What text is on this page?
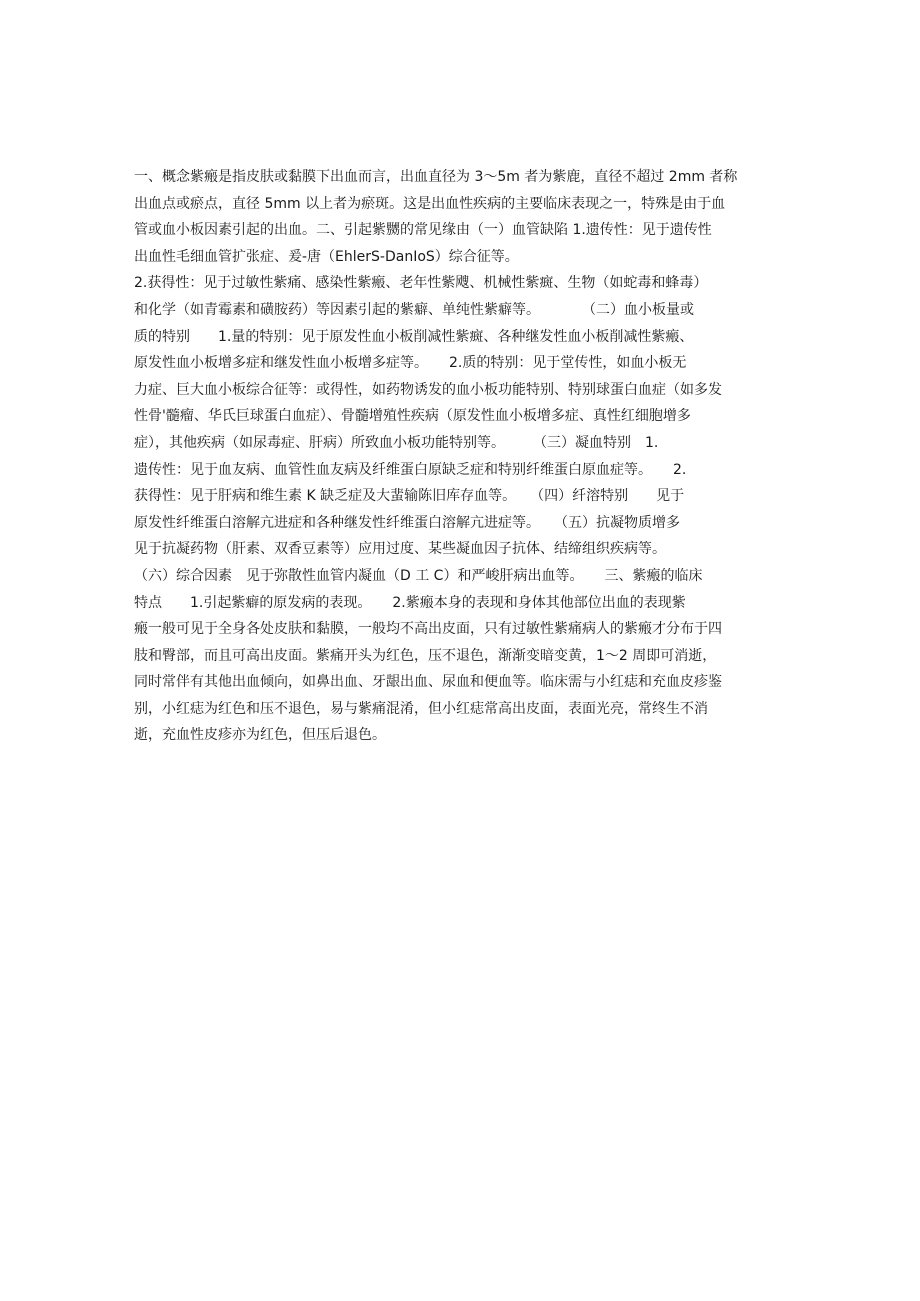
一、概念紫瘢是指皮肤或黏膜下出血而言，出血直径为 3～5m 者为紫鹿，直径不超过 2mm 者称
出血点或瘀点，直径 5mm 以上者为瘀斑。这是出血性疾病的主要临床表现之一，特殊是由于血
管或血小板因素引起的出血。二、引起紫嬲的常见缘由（一）血管缺陷 1.遗传性：见于遗传性
出血性毛细血管扩张症、爰-唐（EhlerS-DanIoS）综合征等。
2.获得性：见于过敏性紫痛、感染性紫瘢、老年性紫飕、机械性紫癍、生物（如蛇毒和蜂毒）
和化学（如青霉素和磺胺药）等因素引起的紫癖、单纯性紫癖等。　　　　（二）血小板量或
质的特别　　1.量的特别：见于原发性血小板削减性紫癍、各种继发性血小板削减性紫瘢、
原发性血小板增多症和继发性血小板增多症等。　　2.质的特别：见于堂传性，如血小板无
力症、巨大血小板综合征等：或得性，如药物诱发的血小板功能特别、特别球蛋白血症（如多发
性骨'髓瘤、华氏巨球蛋白血症）、骨髓增殖性疾病（原发性血小板增多症、真性红细胞增多
症），其他疾病（如尿毒症、肝病）所致血小板功能特别等。　　　（三）凝血特别　1.
遗传性：见于血友病、血管性血友病及纤维蛋白原缺乏症和特别纤维蛋白原血症等。　　2.
获得性：见于肝病和维生素 K 缺乏症及大蜚输陈旧库存血等。　　（四）纤溶特别　　见于
原发性纤维蛋白溶解亢进症和各种继发性纤维蛋白溶解亢进症等。　　（五）抗凝物质增多
见于抗凝药物（肝素、双香豆素等）应用过度、某些凝血因子抗体、结缔组织疾病等。
（六）综合因素　见于弥散性血管内凝血（D 工 C）和严峻肝病出血等。　　三、紫瘢的临床
特点　　1.引起紫癖的原发病的表现。　　2.紫瘢本身的表现和身体其他部位出血的表现紫
瘢一般可见于全身各处皮肤和黏膜，一般均不高出皮面，只有过敏性紫痛病人的紫瘢才分布于四
肢和臀部，而且可高出皮面。紫痛开头为红色，压不退色，渐渐变暗变黄，1～2 周即可消逝，
同时常伴有其他出血倾向，如鼻出血、牙龈出血、尿血和便血等。临床需与小红痣和充血皮疹鉴
别，小红痣为红色和压不退色，易与紫痛混淆，但小红痣常高出皮面，表面光亮，常终生不消
逝，充血性皮疹亦为红色，但压后退色。
